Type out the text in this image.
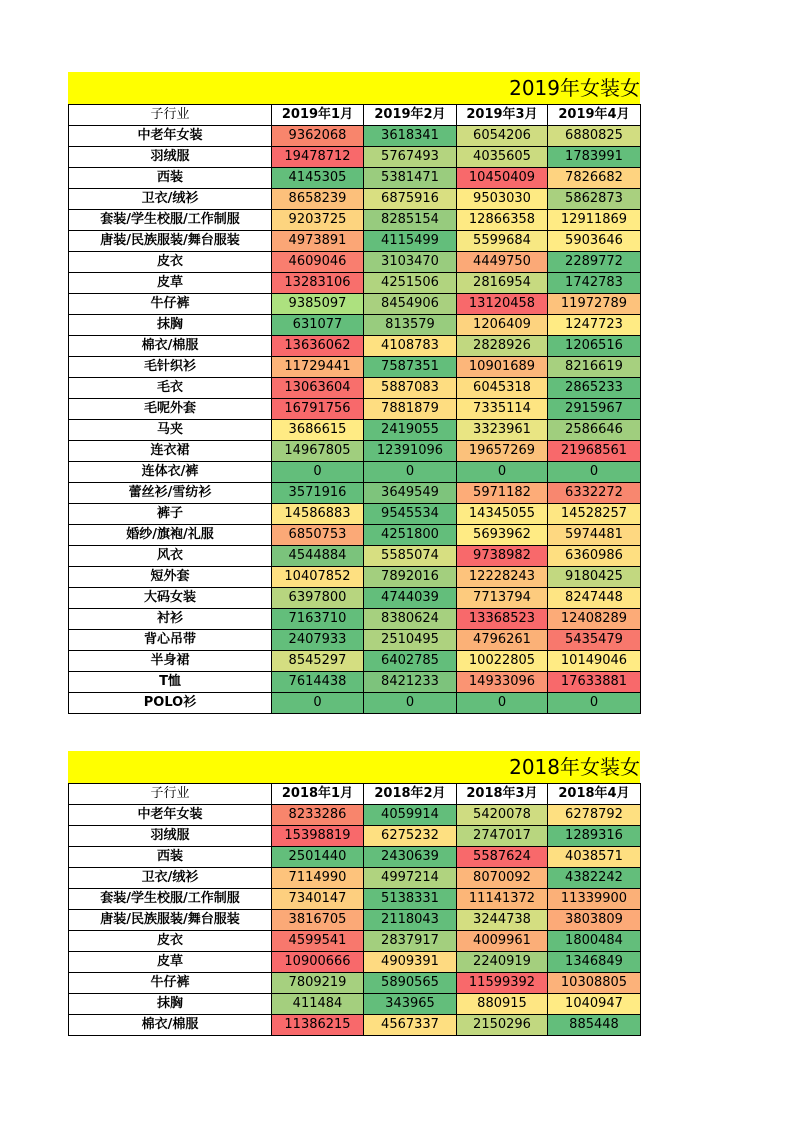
2019年女装女
子行业	2019年1月	2019年2月	2019年3月	2019年4月
中老年女装	9362068	3618341	6054206	6880825
羽绒服	19478712	5767493	4035605	1783991
西装	4145305	5381471	10450409	7826682
卫衣/绒衫	8658239	6875916	9503030	5862873
套装/学生校服/工作制服	9203725	8285154	12866358	12911869
唐装/民族服装/舞台服装	4973891	4115499	5599684	5903646
皮衣	4609046	3103470	4449750	2289772
皮草	13283106	4251506	2816954	1742783
牛仔裤	9385097	8454906	13120458	11972789
抹胸	631077	813579	1206409	1247723
棉衣/棉服	13636062	4108783	2828926	1206516
毛针织衫	11729441	7587351	10901689	8216619
毛衣	13063604	5887083	6045318	2865233
毛呢外套	16791756	7881879	7335114	2915967
马夹	3686615	2419055	3323961	2586646
连衣裙	14967805	12391096	19657269	21968561
连体衣/裤	0	0	0	0
蕾丝衫/雪纺衫	3571916	3649549	5971182	6332272
裤子	14586883	9545534	14345055	14528257
婚纱/旗袍/礼服	6850753	4251800	5693962	5974481
风衣	4544884	5585074	9738982	6360986
短外套	10407852	7892016	12228243	9180425
大码女装	6397800	4744039	7713794	8247448
衬衫	7163710	8380624	13368523	12408289
背心吊带	2407933	2510495	4796261	5435479
半身裙	8545297	6402785	10022805	10149046
T恤	7614438	8421233	14933096	17633881
POLO衫	0	0	0	0
2018年女装女
子行业	2018年1月	2018年2月	2018年3月	2018年4月
中老年女装	8233286	4059914	5420078	6278792
羽绒服	15398819	6275232	2747017	1289316
西装	2501440	2430639	5587624	4038571
卫衣/绒衫	7114990	4997214	8070092	4382242
套装/学生校服/工作制服	7340147	5138331	11141372	11339900
唐装/民族服装/舞台服装	3816705	2118043	3244738	3803809
皮衣	4599541	2837917	4009961	1800484
皮草	10900666	4909391	2240919	1346849
牛仔裤	7809219	5890565	11599392	10308805
抹胸	411484	343965	880915	1040947
棉衣/棉服	11386215	4567337	2150296	885448
